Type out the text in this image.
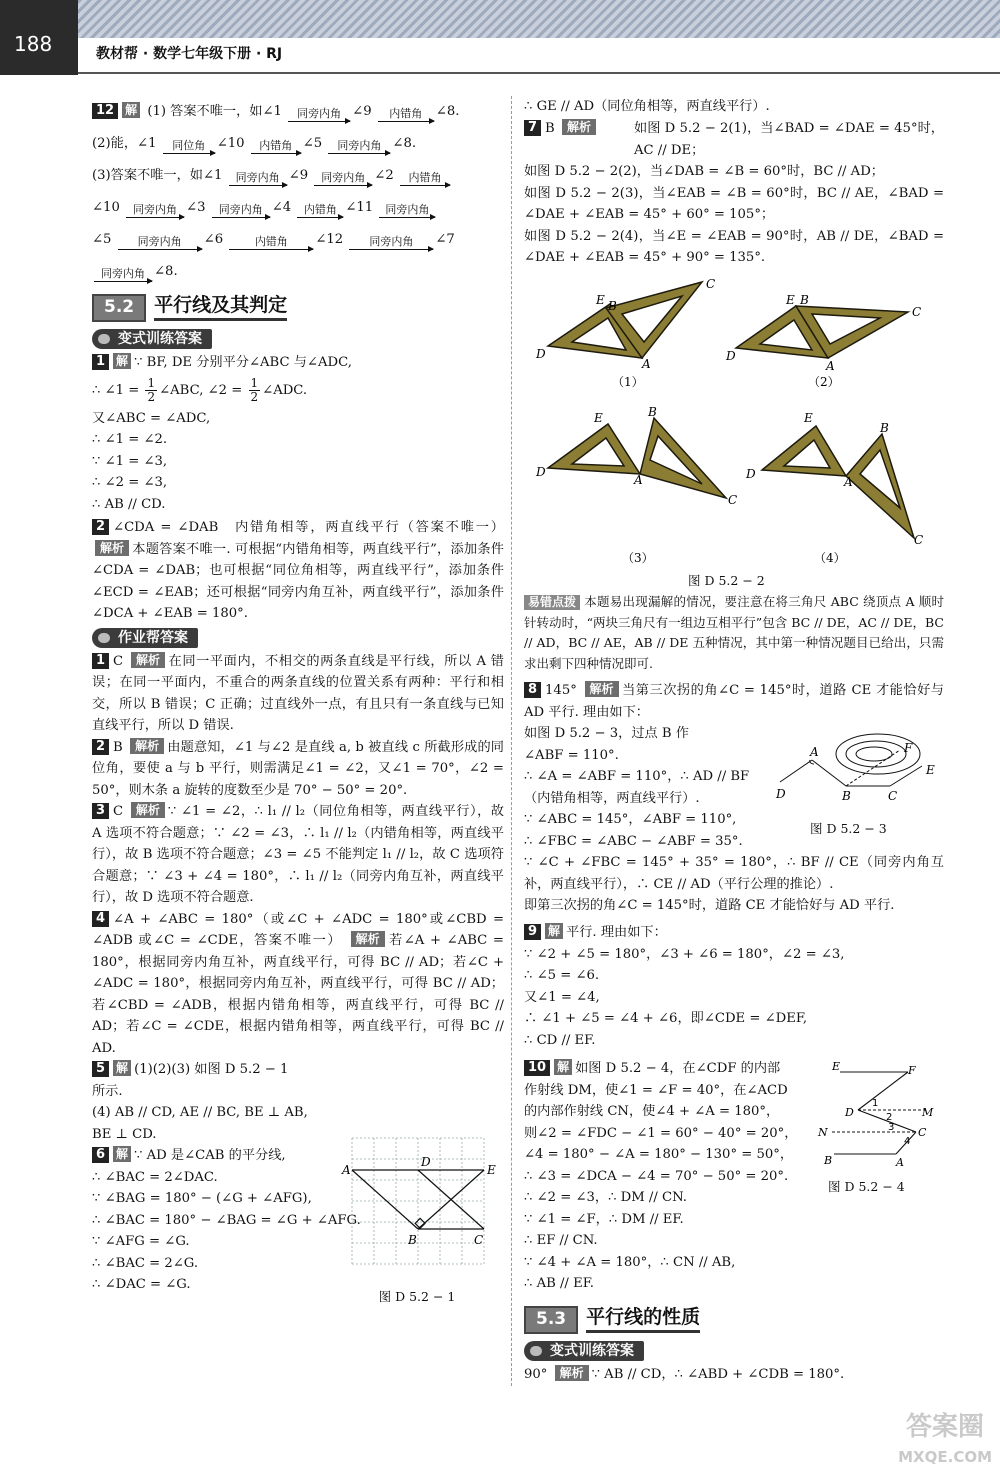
188	教材帮 · 数学七年级下册 · RJ

12 解 (1) 答案不唯一，如∠1	同旁内角 ∠9	内错角	∠8.

(2)能，∠1	同位角 ∠10	内错角 ∠5	同旁内角 ∠8.

(3)答案不唯一，如∠1	同旁内角 ∠9	同旁内角 ∠2	内错角

∠10	同旁内角 ∠3	同旁内角 ∠4	内错角 ∠11	同旁内角

∠5	同旁内角	∠6	内错角	∠12	同旁内角	∠7

同旁内角 ∠8.

5.2	平行线及其判定
变式训练答案

1 解 ∵ BF, DE 分别平分∠ABC 与∠ADC,

∴ ∠1 = $\frac{1}{2}$ ∠ABC, ∠2 = $\frac{1}{2}$ ∠ADC.

又∠ABC = ∠ADC,

∴ ∠1 = ∠2.

∵ ∠1 = ∠3,

∴ ∠2 = ∠3,

∴ AB // CD.

2 ∠CDA = ∠DAB　内错角相等，两直线平行（答案不唯一） 解析 本题答案不唯一. 可根据“内错角相等，两直线平行”，添加条件∠CDA = ∠DAB；也可根据“同位角相等，两直线平行”，添加条件∠ECD = ∠EAB；还可根据“同旁内角互补，两直线平行”，添加条件∠DCA + ∠EAB = 180°.
作业帮答案
1 C 解析 在同一平面内，不相交的两条直线是平行线，所以 A 错误；在同一平面内，不重合的两条直线的位置关系有两种：平行和相交，所以 B 错误；C 正确；过直线外一点，有且只有一条直线与已知直线平行，所以 D 错误.
2 B 解析 由题意知，∠1 与∠2 是直线 a, b 被直线 c 所截形成的同位角，要使 a 与 b 平行，则需满足∠1 = ∠2，又∠1 = 70°，∠2 = 50°，则木条 a 旋转的度数至少是 70° − 50° = 20°.
3 C 解析 ∵ ∠1 = ∠2，∴ l₁ // l₂（同位角相等，两直线平行），故 A 选项不符合题意；∵ ∠2 = ∠3，∴ l₁ // l₂（内错角相等，两直线平行），故 B 选项不符合题意；∠3 = ∠5 不能判定 l₁ // l₂，故 C 选项符合题意；∵ ∠3 + ∠4 = 180°，∴ l₁ // l₂（同旁内角互补，两直线平行），故 D 选项不符合题意.
4 ∠A + ∠ABC = 180°（或∠C + ∠ADC = 180°或∠CBD = ∠ADB 或∠C = ∠CDE，答案不唯一） 解析 若∠A + ∠ABC = 180°，根据同旁内角互补，两直线平行，可得 BC // AD；若∠C + ∠ADC = 180°，根据同旁内角互补，两直线平行，可得 BC // AD；若∠CBD = ∠ADB，根据内错角相等，两直线平行，可得 BC // AD；若∠C = ∠CDE，根据内错角相等，两直线平行，可得 BC // AD.

5 解 (1)(2)(3) 如图 D 5.2 − 1

所示.

(4) AB // CD, AE // BC, BE ⊥ AB,

BE ⊥ CD.

6 解 ∵ AD 是∠CAB 的平分线,

∴ ∠BAC = 2∠DAC.

∵ ∠BAG = 180° − (∠G + ∠AFG),

∴ ∠BAC = 180° − ∠BAG = ∠G + ∠AFG.

∵ ∠AFG = ∠G.

∴ ∠BAC = 2∠G.

∴ ∠DAC = ∠G.

A
D
E
B	C
图 D 5.2 − 1

∴ GE // AD（同位角相等，两直线平行）.

7 B 解析	如图 D 5.2 − 2(1)，当∠BAD = ∠DAE = 45°时，AC // DE；

如图 D 5.2 − 2(2)，当∠DAB = ∠B = 60°时，BC // AD；

如图 D 5.2 − 2(3)，当∠EAB = ∠B = 60°时，BC // AE，∠BAD = ∠DAE + ∠EAB = 45° + 60° = 105°；

如图 D 5.2 − 2(4)，当∠E = ∠EAB = 90°时，AB // DE，∠BAD = ∠DAE + ∠EAB = 45° + 90° = 135°.

E B
C
D
A
E B
C
D
A
E	B
C
D
A
E
B
C
D
A
（1）	（2）
（3）	（4）
图 D 5.2 − 2
易错点拨 本题易出现漏解的情况，要注意在将三角尺 ABC 绕顶点 A 顺时针转动时，“两块三角尺有一组边互相平行”包含 BC // DE，AC // DE，BC // AD，BC // AE，AB // DE 五种情况，其中第一种情况题目已给出，只需求出剩下四种情况即可.

8 145° 解析 当第三次拐的角∠C = 145°时，道路 CE 才能恰好与 AD 平行. 理由如下：

如图 D 5.2 − 3，过点 B 作

∠ABF = 110°.

∴ ∠A = ∠ABF = 110°，∴ AD // BF

（内错角相等，两直线平行）.

∵ ∠ABC = 145°，∠ABF = 110°,

∴ ∠FBC = ∠ABC − ∠ABF = 35°.

∵ ∠C + ∠FBC = 145° + 35° = 180°，∴ BF // CE（同旁内角互补，两直线平行），∴ CE // AD（平行公理的推论）.

即第三次拐的角∠C = 145°时，道路 CE 才能恰好与 AD 平行.

A	F
E
D	B	C
图 D 5.2 − 3

9 解 平行. 理由如下：

∵ ∠2 + ∠5 = 180°，∠3 + ∠6 = 180°，∠2 = ∠3,

∴ ∠5 = ∠6.

又∠1 = ∠4,

∴ ∠1 + ∠5 = ∠4 + ∠6，即∠CDE = ∠DEF,

∴ CD // EF.

10 解 如图 D 5.2 − 4，在∠CDF 的内部

作射线 DM，使∠1 = ∠F = 40°，在∠ACD

的内部作射线 CN，使∠4 + ∠A = 180°，

则∠2 = ∠FDC − ∠1 = 60° − 40° = 20°，

∠4 = 180° − ∠A = 180° − 130° = 50°，

∴ ∠3 = ∠DCA − ∠4 = 70° − 50° = 20°.

∴ ∠2 = ∠3，∴ DM // CN.

∵ ∠1 = ∠F，∴ DM // EF.

∴ EF // CN.

∵ ∠4 + ∠A = 180°，∴ CN // AB,

∴ AB // EF.

E	F
D	M
N	C
B	A
1
2
3
4
图 D 5.2 − 4
5.3	平行线的性质
变式训练答案

90° 解析 ∵ AB // CD，∴ ∠ABD + ∠CDB = 180°.

答案圈
MXQE.COM
